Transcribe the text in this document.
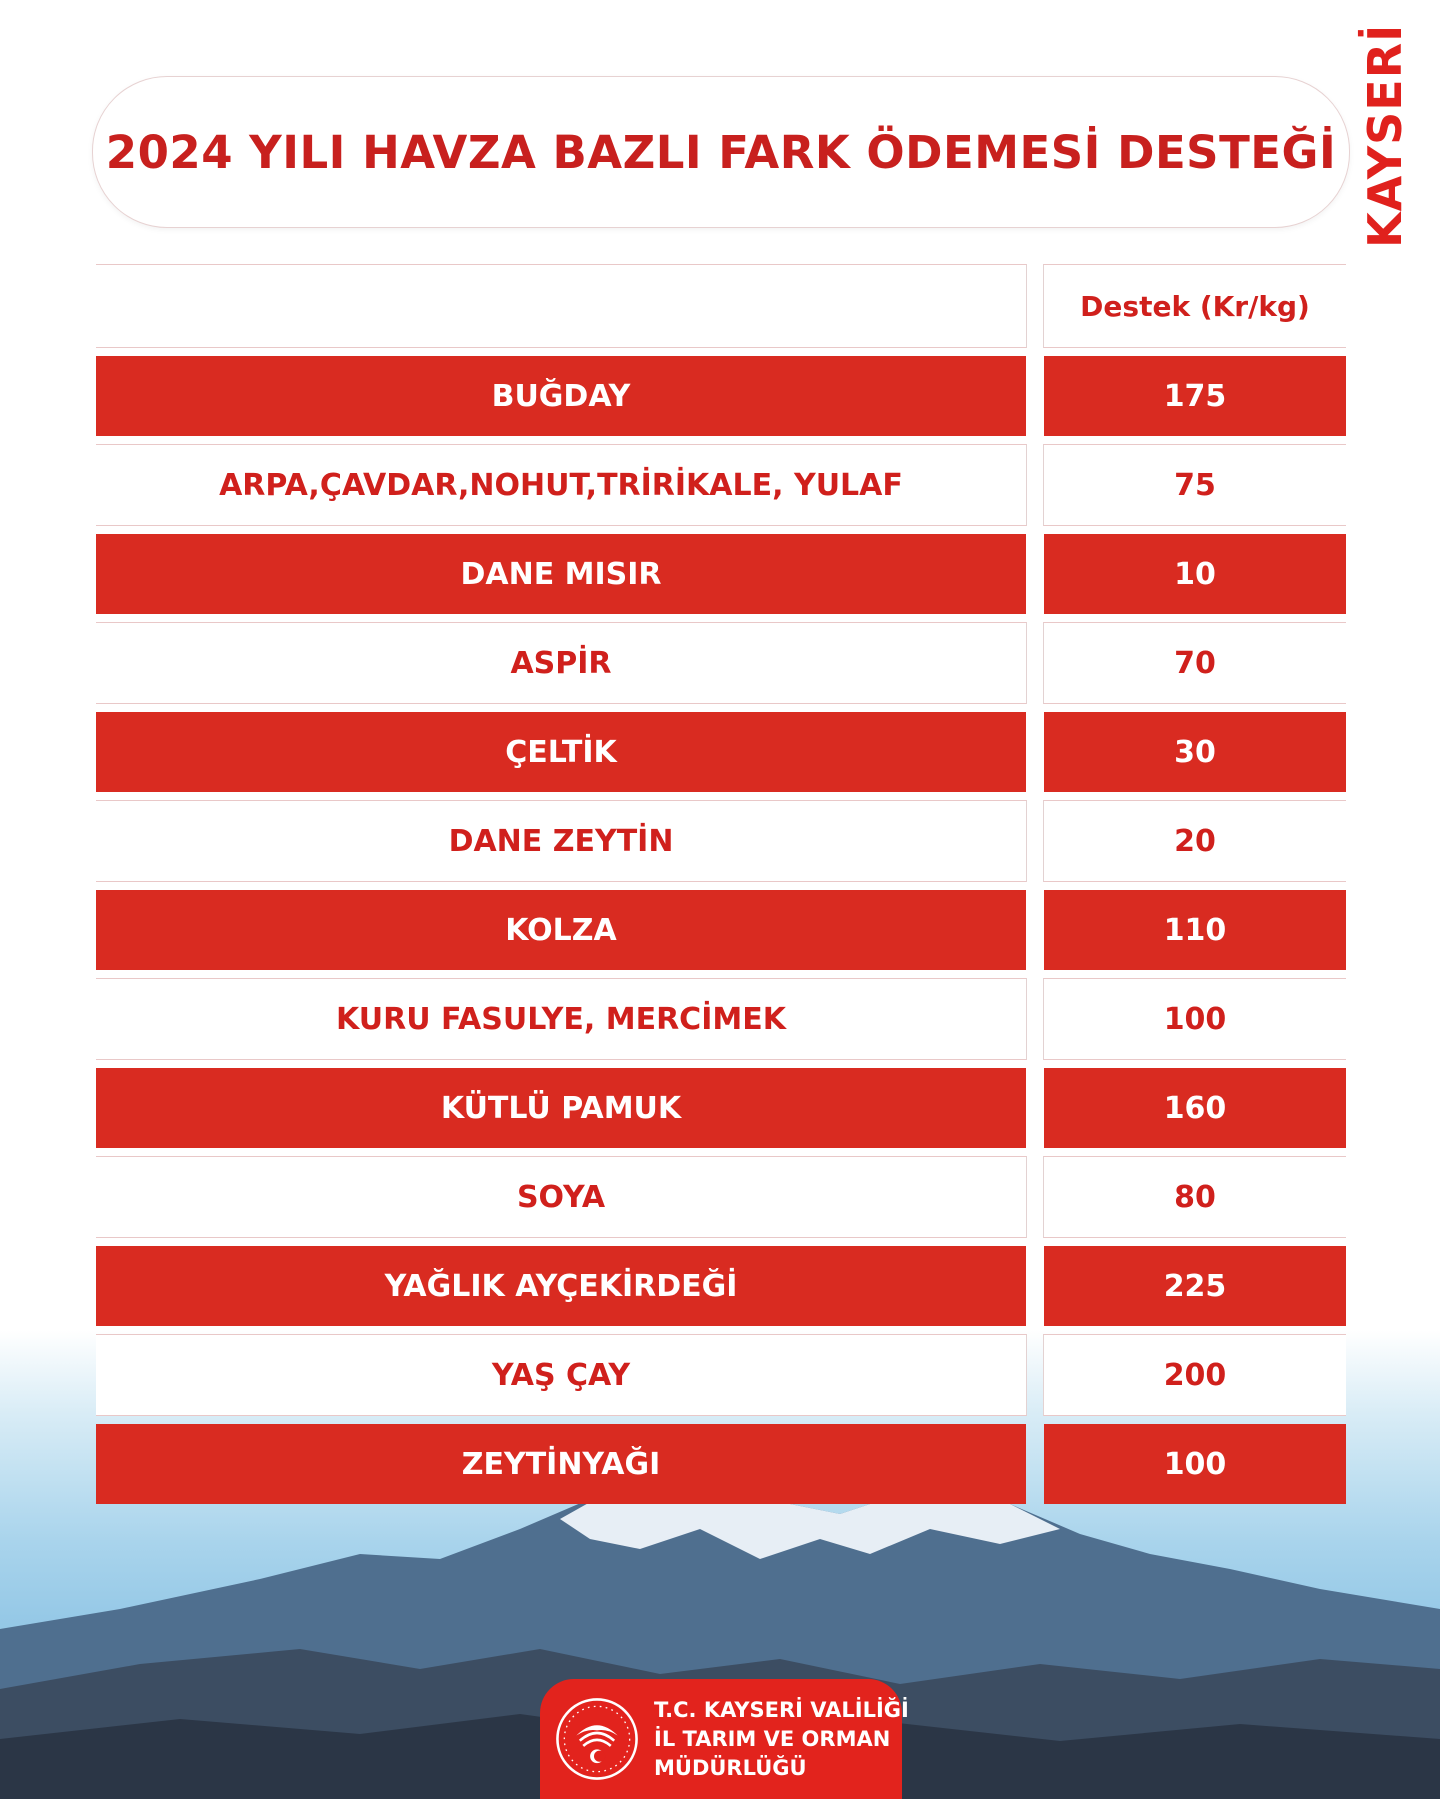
2024 YILI HAVZA BAZLI FARK ÖDEMESİ DESTEĞİ KAYSERİ
Destek (Kr/kg)
BUĞDAY	175
ARPA,ÇAVDAR,NOHUT,TRİRİKALE, YULAF	75
DANE MISIR	10
ASPİR	70
ÇELTİK	30
DANE ZEYTİN	20
KOLZA	110
KURU FASULYE, MERCİMEK	100
KÜTLÜ PAMUK	160
SOYA	80
YAĞLIK AYÇEKİRDEĞİ	225
YAŞ ÇAY	200
ZEYTİNYAĞI	100
T.C. KAYSERİ VALİLİĞİ
İL TARIM VE ORMAN
MÜDÜRLÜĞÜ
